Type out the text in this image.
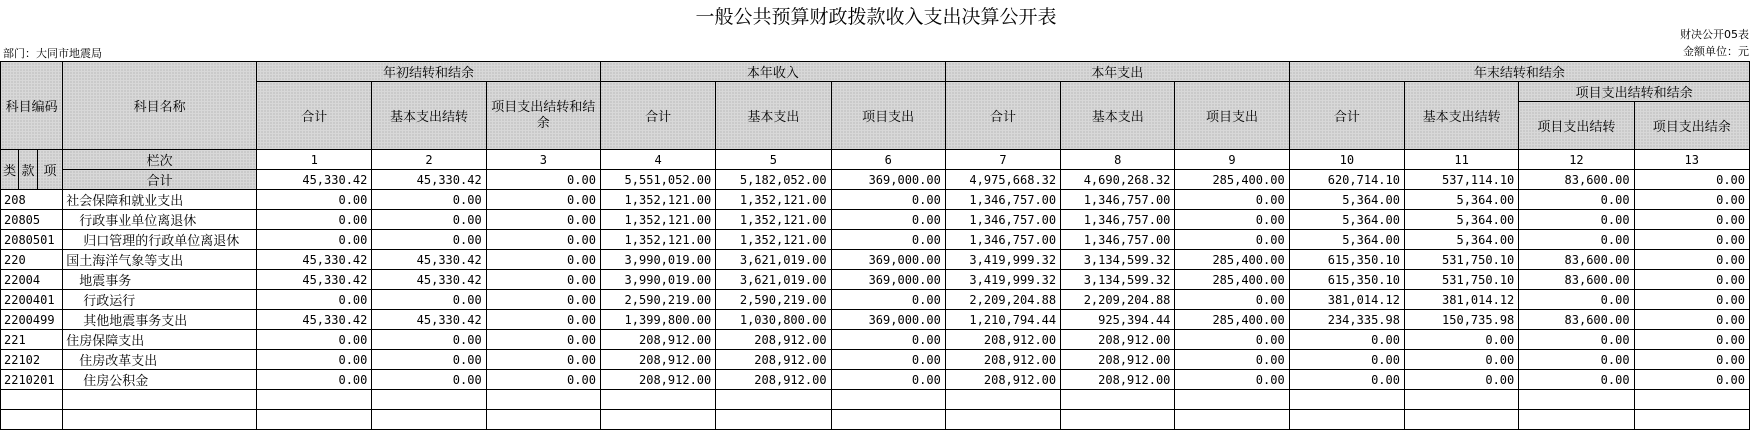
一般公共预算财政拨款收入支出决算公开表
财决公开05表
金额单位：元
部门：大同市地震局
科目编码			科目名称	年初结转和结余			本年收入			本年支出			年末结转和结余			
				合计	基本支出结转	项目支出结转和结余	合计	基本支出	项目支出	合计	基本支出	项目支出	合计	基本支出结转	项目支出结转和结余	
															项目支出结转	项目支出结余
类	款	项	栏次	1	2	3	4	5	6	7	8	9	10	11	12	13
			合计	45,330.42	45,330.42	0.00	5,551,052.00	5,182,052.00	369,000.00	4,975,668.32	4,690,268.32	285,400.00	620,714.10	537,114.10	83,600.00	0.00
208			社会保障和就业支出	0.00	0.00	0.00	1,352,121.00	1,352,121.00	0.00	1,346,757.00	1,346,757.00	0.00	5,364.00	5,364.00	0.00	0.00
20805			行政事业单位离退休	0.00	0.00	0.00	1,352,121.00	1,352,121.00	0.00	1,346,757.00	1,346,757.00	0.00	5,364.00	5,364.00	0.00	0.00
2080501			归口管理的行政单位离退休	0.00	0.00	0.00	1,352,121.00	1,352,121.00	0.00	1,346,757.00	1,346,757.00	0.00	5,364.00	5,364.00	0.00	0.00
220			国土海洋气象等支出	45,330.42	45,330.42	0.00	3,990,019.00	3,621,019.00	369,000.00	3,419,999.32	3,134,599.32	285,400.00	615,350.10	531,750.10	83,600.00	0.00
22004			地震事务	45,330.42	45,330.42	0.00	3,990,019.00	3,621,019.00	369,000.00	3,419,999.32	3,134,599.32	285,400.00	615,350.10	531,750.10	83,600.00	0.00
2200401			行政运行	0.00	0.00	0.00	2,590,219.00	2,590,219.00	0.00	2,209,204.88	2,209,204.88	0.00	381,014.12	381,014.12	0.00	0.00
2200499			其他地震事务支出	45,330.42	45,330.42	0.00	1,399,800.00	1,030,800.00	369,000.00	1,210,794.44	925,394.44	285,400.00	234,335.98	150,735.98	83,600.00	0.00
221			住房保障支出	0.00	0.00	0.00	208,912.00	208,912.00	0.00	208,912.00	208,912.00	0.00	0.00	0.00	0.00	0.00
22102			住房改革支出	0.00	0.00	0.00	208,912.00	208,912.00	0.00	208,912.00	208,912.00	0.00	0.00	0.00	0.00	0.00
2210201			住房公积金	0.00	0.00	0.00	208,912.00	208,912.00	0.00	208,912.00	208,912.00	0.00	0.00	0.00	0.00	0.00
